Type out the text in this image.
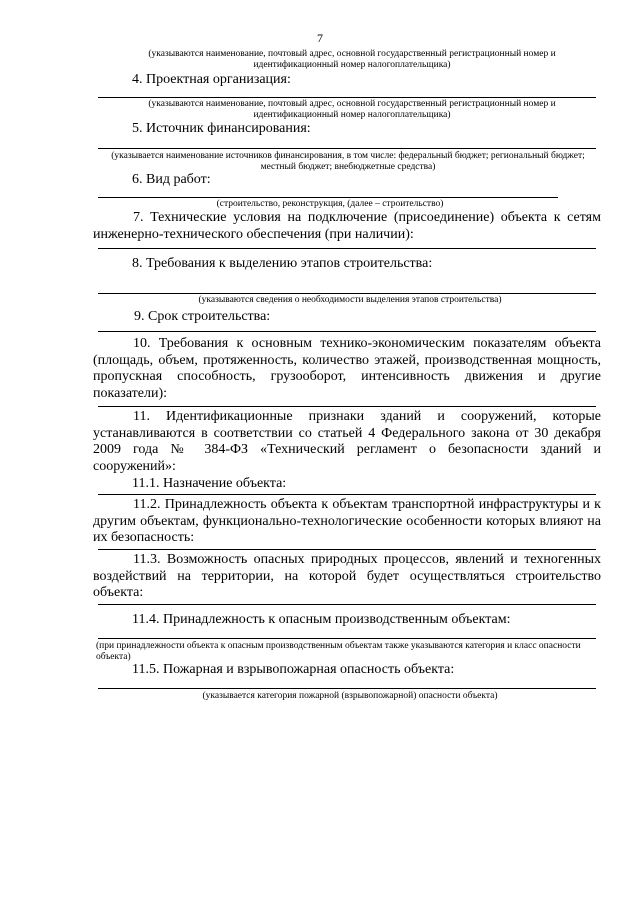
7
(указываются наименование, почтовый адрес, основной государственный регистрационный номер и идентификационный номер налогоплательщика)
4. Проектная организация:
(указываются наименование, почтовый адрес, основной государственный регистрационный номер и идентификационный номер налогоплательщика)
5. Источник финансирования:
(указывается наименование источников финансирования, в том числе: федеральный бюджет; региональный бюджет; местный бюджет; внебюджетные средства)
6. Вид работ:
(строительство, реконструкция, (далее – строительство)
7. Технические условия на подключение (присоединение) объекта к сетям инженерно-технического обеспечения (при наличии):
8. Требования к выделению этапов строительства:
(указываются сведения о необходимости выделения этапов строительства)
9. Срок строительства:
10. Требования к основным технико-экономическим показателям объекта (площадь, объем, протяженность, количество этажей, производственная мощность, пропускная способность, грузооборот, интенсивность движения и другие показатели):
11. Идентификационные признаки зданий и сооружений, которые устанавливаются в соответствии со статьей 4 Федерального закона от 30 декабря 2009 года № 384-ФЗ «Технический регламент о безопасности зданий и сооружений»:
11.1. Назначение объекта:
11.2. Принадлежность объекта к объектам транспортной инфраструктуры и к другим объектам, функционально-технологические особенности которых влияют на их безопасность:
11.3. Возможность опасных природных процессов, явлений и техногенных воздействий на территории, на которой будет осуществляться строительство объекта:
11.4. Принадлежность к опасным производственным объектам:
(при принадлежности объекта к опасным производственным объектам также указываются категория и класс опасности объекта)
11.5. Пожарная и взрывопожарная опасность объекта:
(указывается категория пожарной (взрывопожарной) опасности объекта)
